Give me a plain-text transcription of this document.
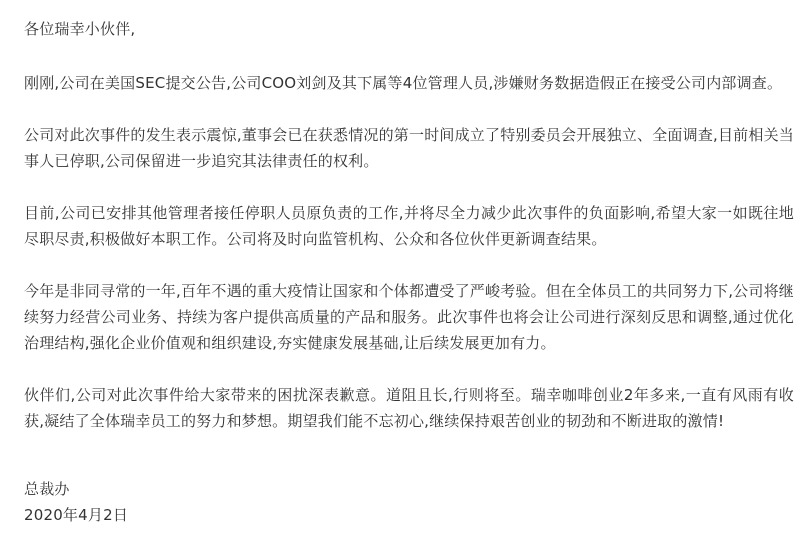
各位瑞幸小伙伴,

刚刚,公司在美国SEC提交公告,公司COO刘剑及其下属等4位管理人员,涉嫌财务数据造假正在接受公司内部调查。

公司对此次事件的发生表示震惊,董事会已在获悉情况的第一时间成立了特别委员会开展独立、全面调查,目前相关当事人已停职,公司保留进一步追究其法律责任的权利。

目前,公司已安排其他管理者接任停职人员原负责的工作,并将尽全力减少此次事件的负面影响,希望大家一如既往地尽职尽责,积极做好本职工作。公司将及时向监管机构、公众和各位伙伴更新调查结果。

今年是非同寻常的一年,百年不遇的重大疫情让国家和个体都遭受了严峻考验。但在全体员工的共同努力下,公司将继续努力经营公司业务、持续为客户提供高质量的产品和服务。此次事件也将会让公司进行深刻反思和调整,通过优化治理结构,强化企业价值观和组织建设,夯实健康发展基础,让后续发展更加有力。

伙伴们,公司对此次事件给大家带来的困扰深表歉意。道阻且长,行则将至。瑞幸咖啡创业2年多来,一直有风雨有收获,凝结了全体瑞幸员工的努力和梦想。期望我们能不忘初心,继续保持艰苦创业的韧劲和不断进取的激情!

总裁办

2020年4月2日
